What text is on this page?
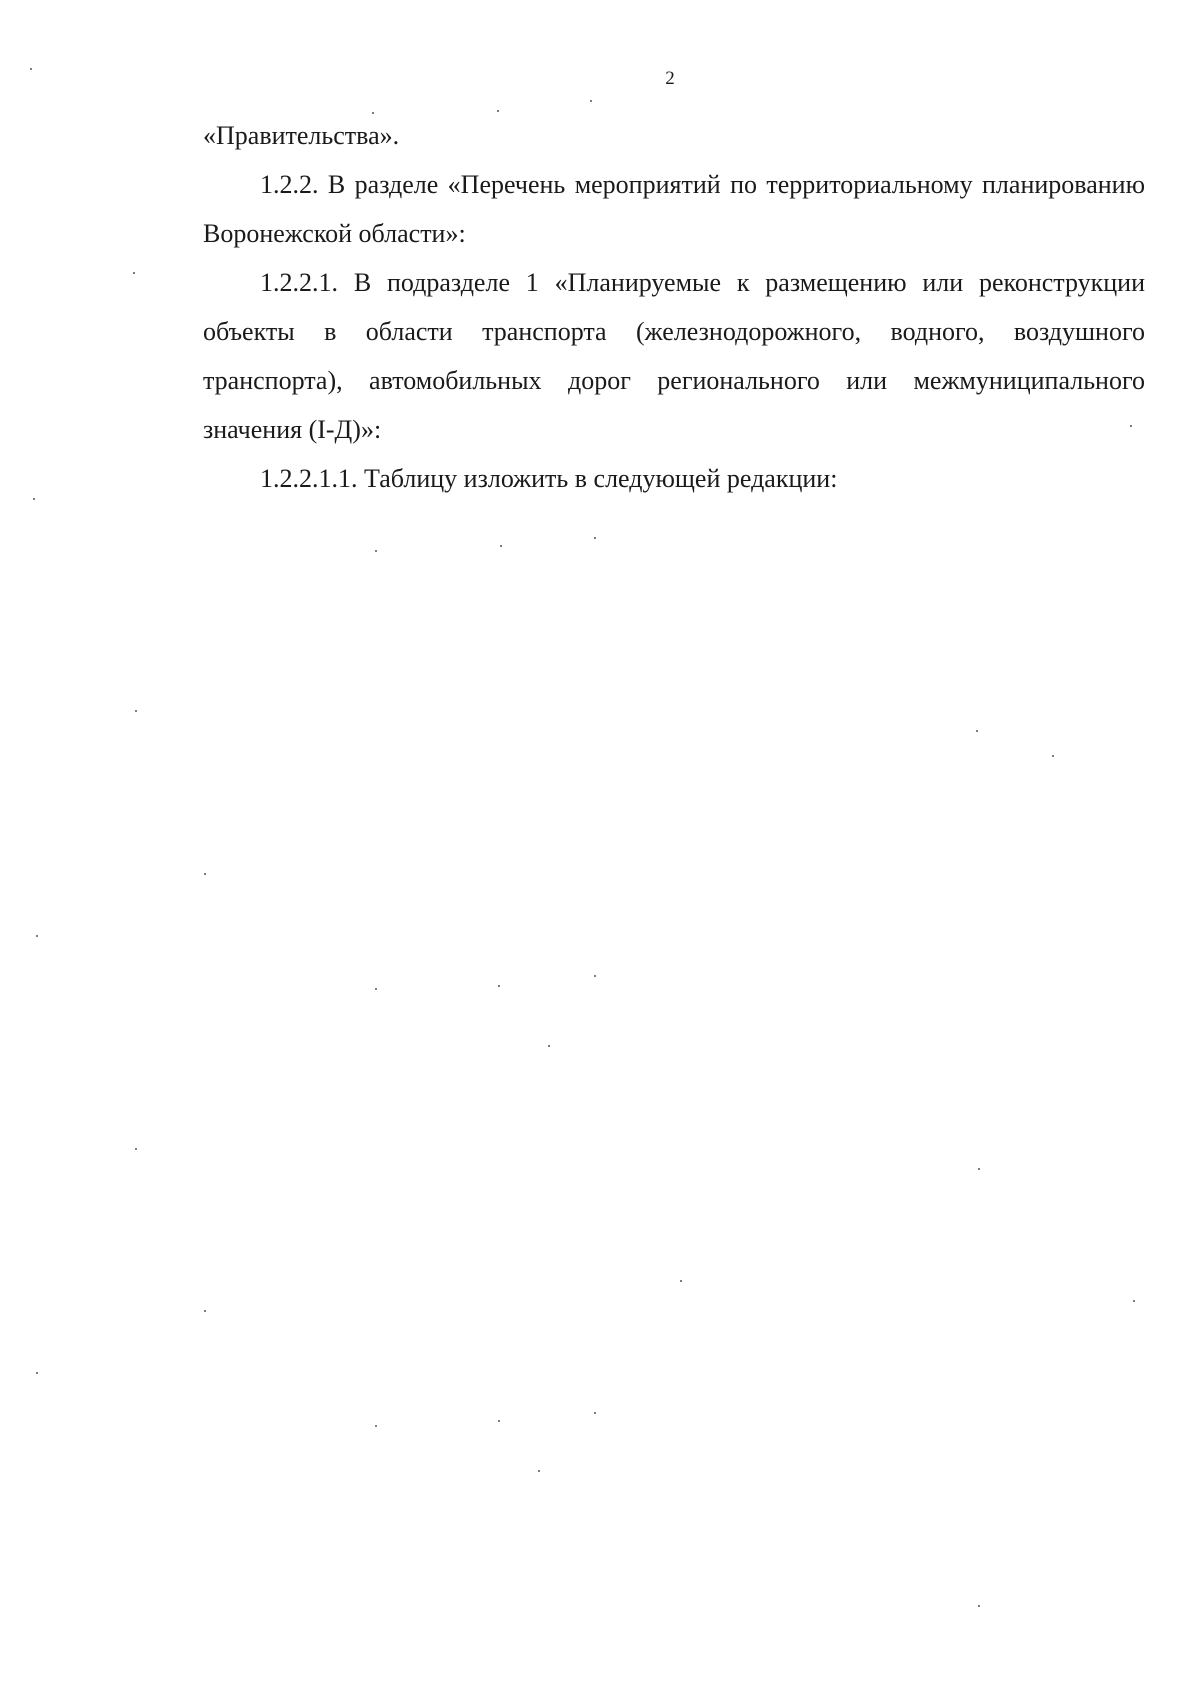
2

«Правительства».

1.2.2. В разделе «Перечень мероприятий по территориальному планированию Воронежской области»:

1.2.2.1. В подразделе 1 «Планируемые к размещению или реконструкции объекты в области транспорта (железнодорожного, водного, воздушного транспорта), автомобильных дорог регионального или межмуниципального значения (I-Д)»:

1.2.2.1.1. Таблицу изложить в следующей редакции:
